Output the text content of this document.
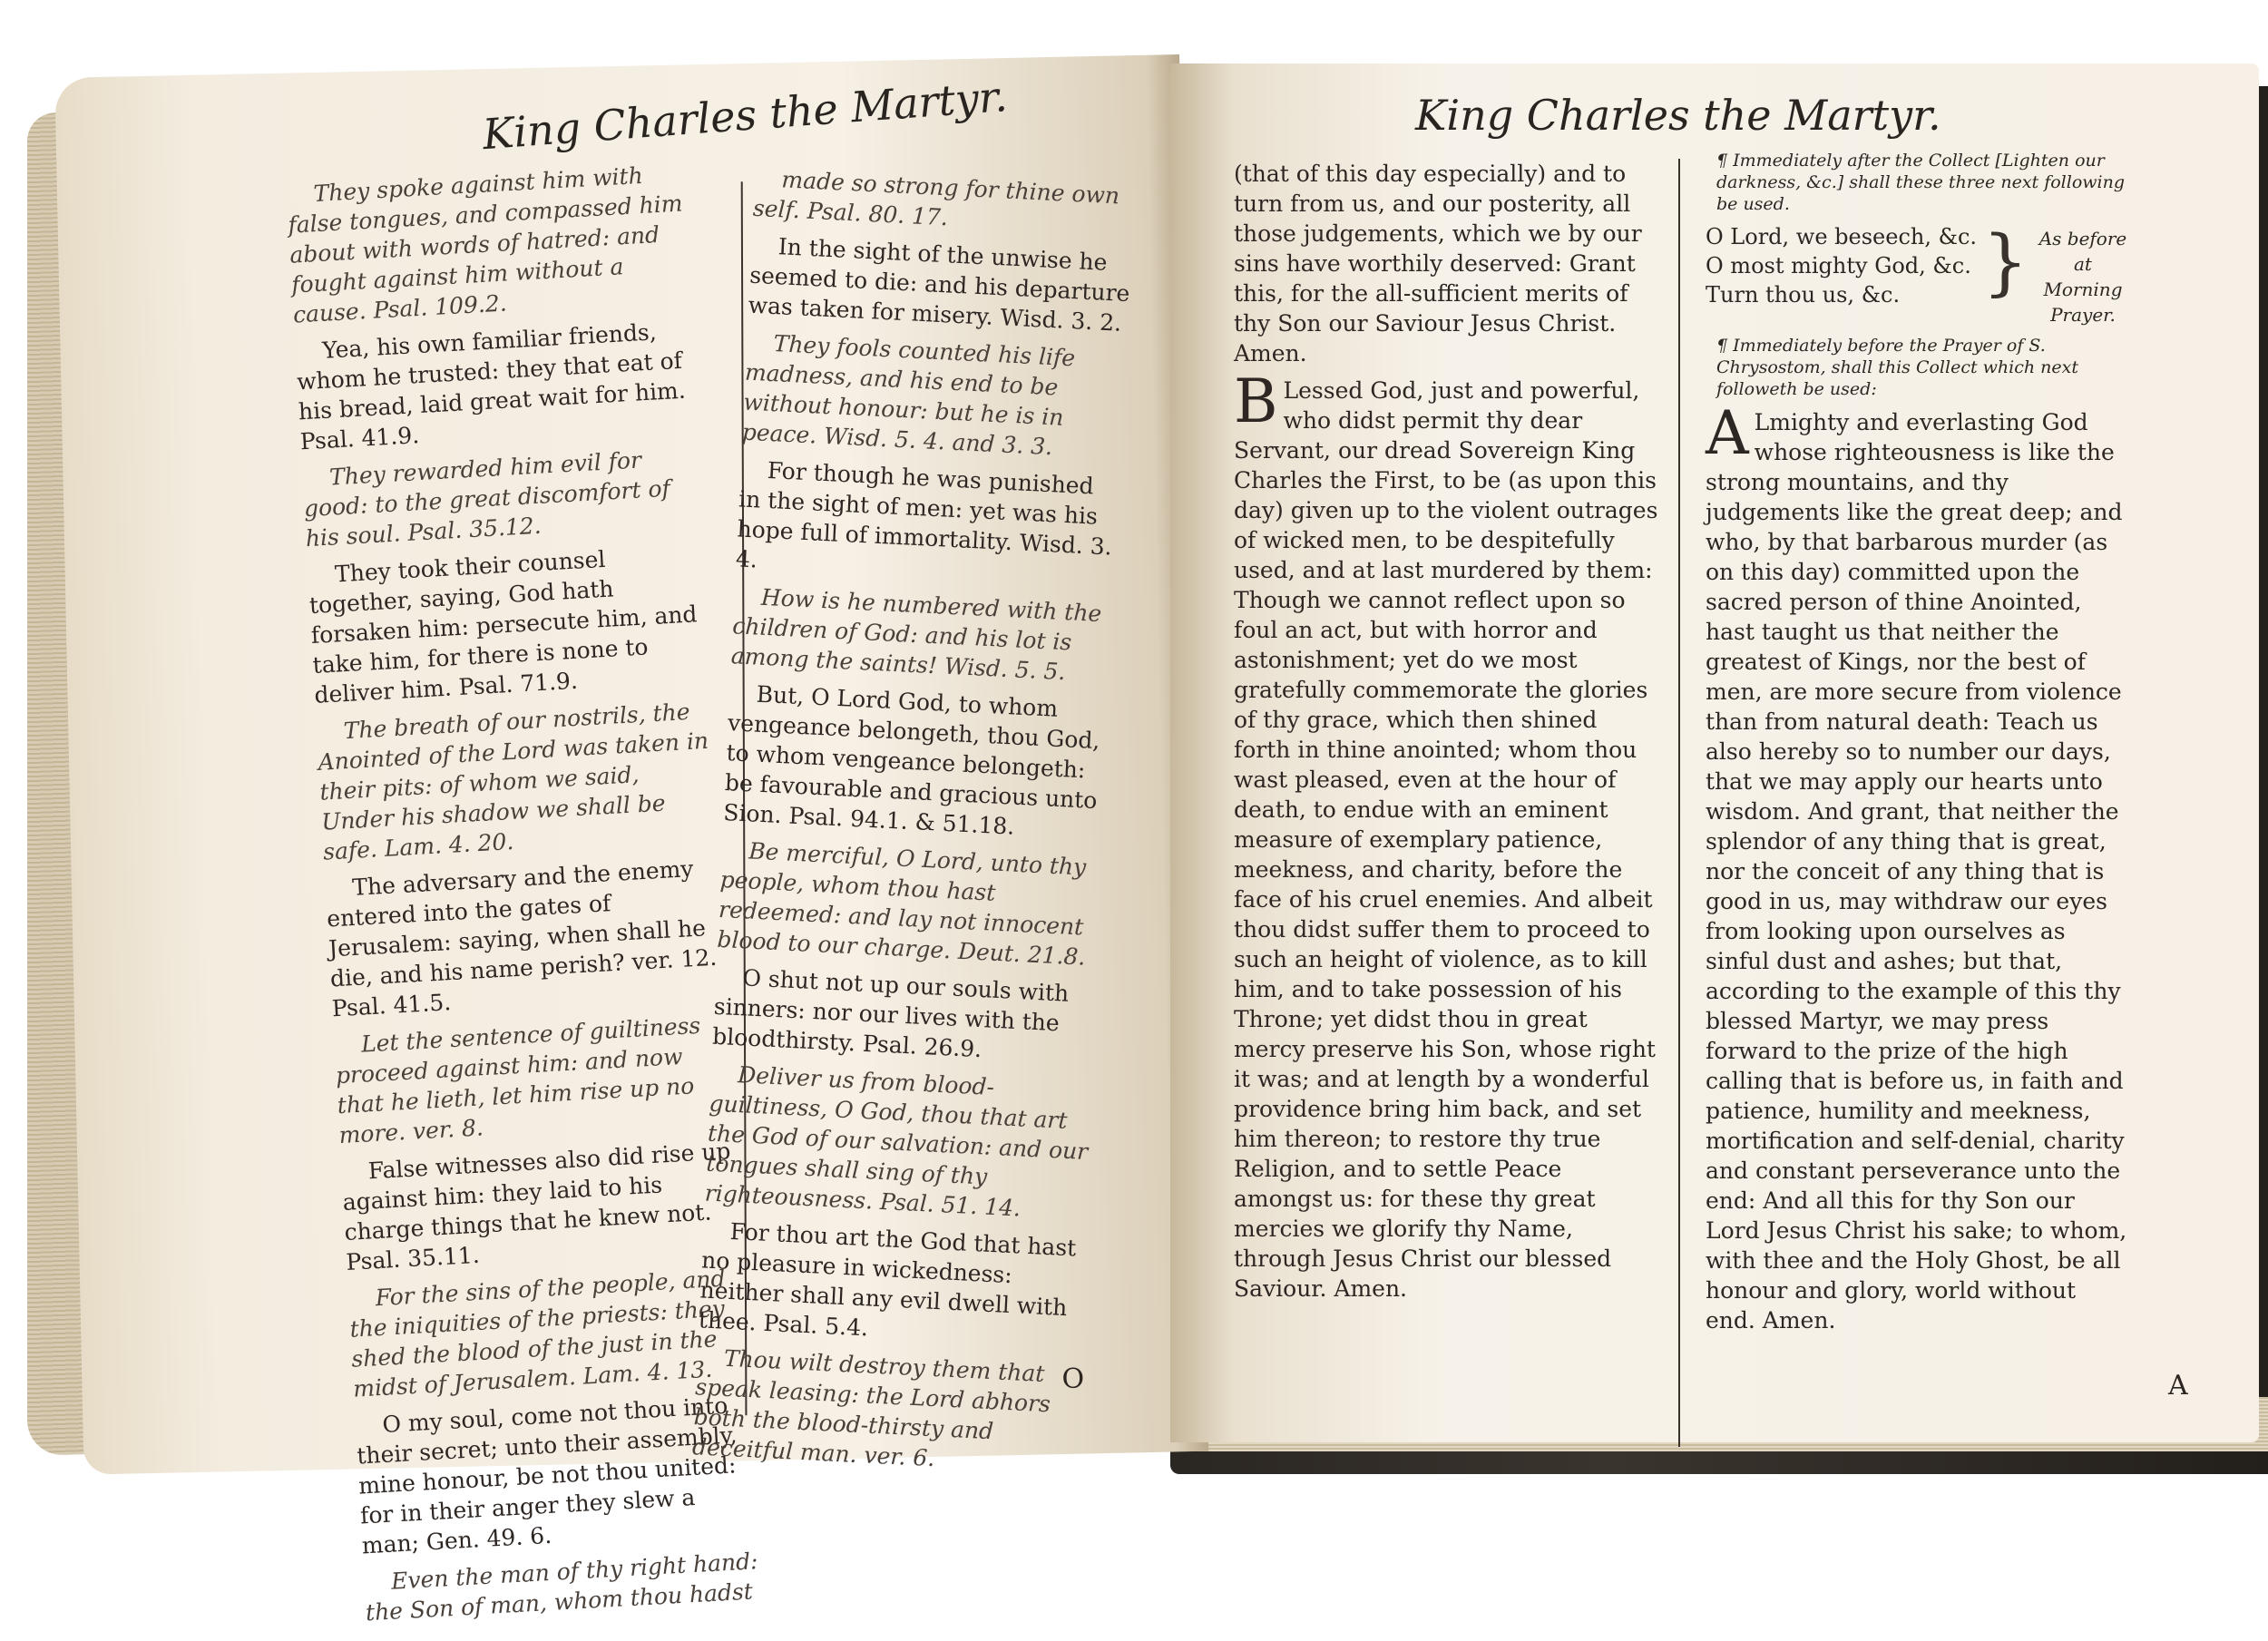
King Charles the Martyr.

They spoke against him with false tongues, and compassed him about with words of hatred: and fought against him without a cause. Psal. 109.2.

Yea, his own familiar friends, whom he trusted: they that eat of his bread, laid great wait for him. Psal. 41.9.

They rewarded him evil for good: to the great discomfort of his soul. Psal. 35.12.

They took their counsel together, saying, God hath forsaken him: persecute him, and take him, for there is none to deliver him. Psal. 71.9.

The breath of our nostrils, the Anointed of the Lord was taken in their pits: of whom we said, Under his shadow we shall be safe. Lam. 4. 20.

The adversary and the enemy entered into the gates of Jerusalem: saying, when shall he die, and his name perish? ver. 12. Psal. 41.5.

Let the sentence of guiltiness proceed against him: and now that he lieth, let him rise up no more. ver. 8.

False witnesses also did rise up against him: they laid to his charge things that he knew not. Psal. 35.11.

For the sins of the people, and the iniquities of the priests: they shed the blood of the just in the midst of Jerusalem. Lam. 4. 13.

O my soul, come not thou into their secret; unto their assembly, mine honour, be not thou united: for in their anger they slew a man; Gen. 49. 6.

Even the man of thy right hand: the Son of man, whom thou hadst

made so strong for thine own self. Psal. 80. 17.

In the sight of the unwise he seemed to die: and his departure was taken for misery. Wisd. 3. 2.

They fools counted his life madness, and his end to be without honour: but he is in peace. Wisd. 5. 4. and 3. 3.

For though he was punished in the sight of men: yet was his hope full of immortality. Wisd. 3. 4.

How is he numbered with the children of God: and his lot is among the saints! Wisd. 5. 5.

But, O Lord God, to whom vengeance belongeth, thou God, to whom vengeance belongeth: be favourable and gracious unto Sion. Psal. 94.1. & 51.18.

Be merciful, O Lord, unto thy people, whom thou hast redeemed: and lay not innocent blood to our charge. Deut. 21.8.

O shut not up our souls with sinners: nor our lives with the bloodthirsty. Psal. 26.9.

Deliver us from blood-guiltiness, O God, thou that art the God of our salvation: and our tongues shall sing of thy righteousness. Psal. 51. 14.

For thou art the God that hast no pleasure in wickedness: neither shall any evil dwell with thee. Psal. 5.4.

Thou wilt destroy them that speak leasing: the Lord abhors both the blood-thirsty and deceitful man. ver. 6.

O
King Charles the Martyr.

(that of this day especially) and to turn from us, and our posterity, all those judgements, which we by our sins have worthily deserved: Grant this, for the all-sufficient merits of thy Son our Saviour Jesus Christ. Amen.

B Lessed God, just and powerful, who didst permit thy dear Servant, our dread Sovereign King Charles the First, to be (as upon this day) given up to the violent outrages of wicked men, to be despitefully used, and at last murdered by them: Though we cannot reflect upon so foul an act, but with horror and astonishment; yet do we most gratefully commemorate the glories of thy grace, which then shined forth in thine anointed; whom thou wast pleased, even at the hour of death, to endue with an eminent measure of exemplary patience, meekness, and charity, before the face of his cruel enemies. And albeit thou didst suffer them to proceed to such an height of violence, as to kill him, and to take possession of his Throne; yet didst thou in great mercy preserve his Son, whose right it was; and at length by a wonderful providence bring him back, and set him thereon; to restore thy true Religion, and to settle Peace amongst us: for these thy great mercies we glorify thy Name, through Jesus Christ our blessed Saviour. Amen.

¶ Immediately after the Collect [Lighten our darkness, &c.] shall these three next following be used.

O Lord, we beseech, &c.
O most mighty God, &c.
Turn thou us, &c.	} As before at Morning Prayer.

¶ Immediately before the Prayer of S. Chrysostom, shall this Collect which next followeth be used:

A Lmighty and everlasting God whose righteousness is like the strong mountains, and thy judgements like the great deep; and who, by that barbarous murder (as on this day) committed upon the sacred person of thine Anointed, hast taught us that neither the greatest of Kings, nor the best of men, are more secure from violence than from natural death: Teach us also hereby so to number our days, that we may apply our hearts unto wisdom. And grant, that neither the splendor of any thing that is great, nor the conceit of any thing that is good in us, may withdraw our eyes from looking upon ourselves as sinful dust and ashes; but that, according to the example of this thy blessed Martyr, we may press forward to the prize of the high calling that is before us, in faith and patience, humility and meekness, mortification and self-denial, charity and constant perseverance unto the end: And all this for thy Son our Lord Jesus Christ his sake; to whom, with thee and the Holy Ghost, be all honour and glory, world without end. Amen.

A
